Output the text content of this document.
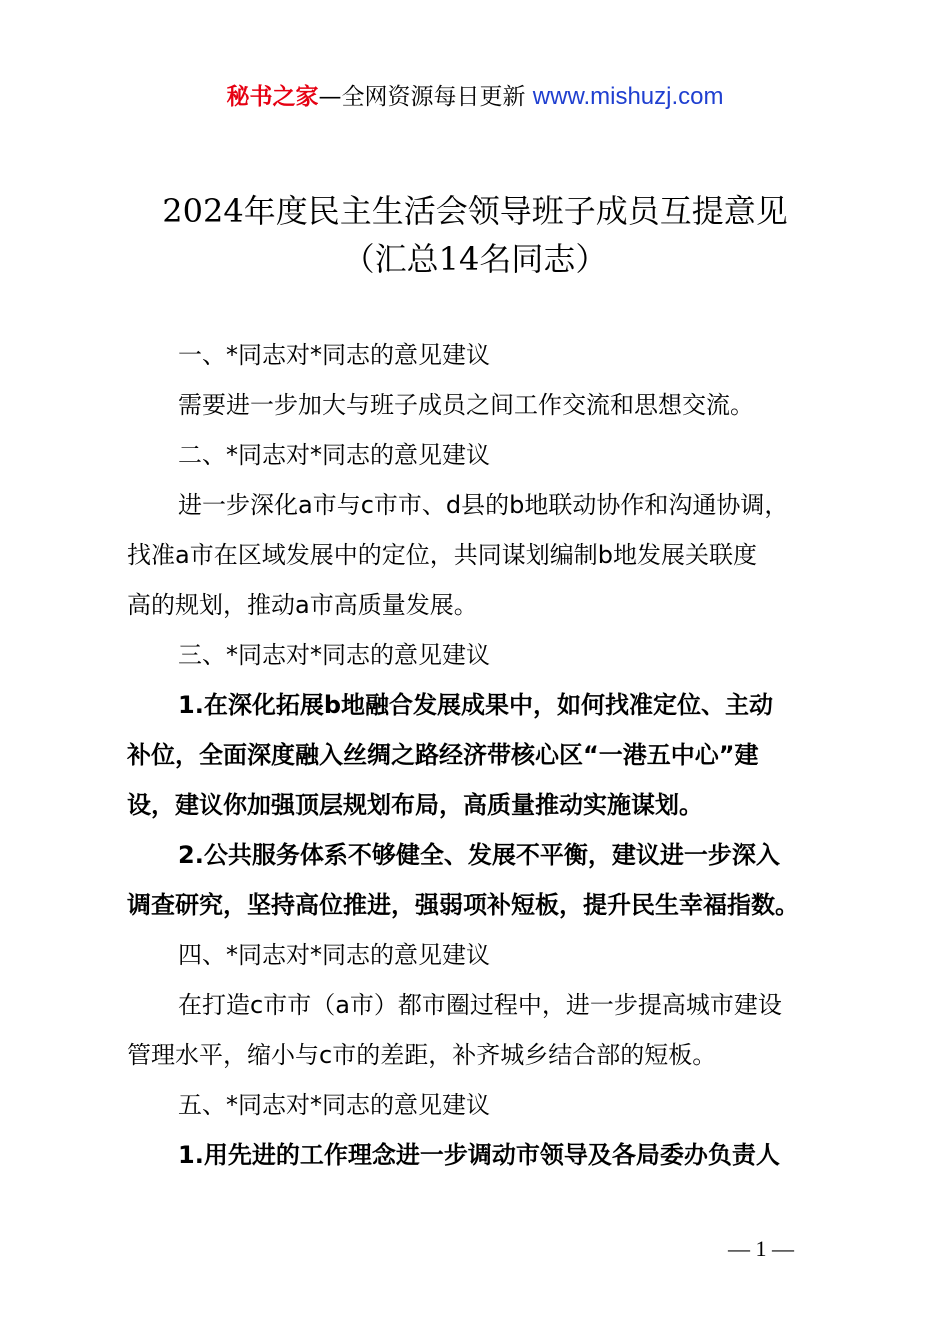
秘书之家—全网资源每日更新 www.mishuzj.com
2024年度民主生活会领导班子成员互提意见
（汇总14名同志）
一、*同志对*同志的意见建议
需要进一步加大与班子成员之间工作交流和思想交流。
二、*同志对*同志的意见建议
进一步深化a市与c市市、d县的b地联动协作和沟通协调，
找准a市在区域发展中的定位，共同谋划编制b地发展关联度
高的规划，推动a市高质量发展。
三、*同志对*同志的意见建议
1.在深化拓展b地融合发展成果中，如何找准定位、主动
补位，全面深度融入丝绸之路经济带核心区“一港五中心”建
设，建议你加强顶层规划布局，高质量推动实施谋划。
2.公共服务体系不够健全、发展不平衡，建议进一步深入
调查研究，坚持高位推进，强弱项补短板，提升民生幸福指数。
四、*同志对*同志的意见建议
在打造c市市（a市）都市圈过程中，进一步提高城市建设
管理水平，缩小与c市的差距，补齐城乡结合部的短板。
五、*同志对*同志的意见建议
1.用先进的工作理念进一步调动市领导及各局委办负责人
— 1 —
